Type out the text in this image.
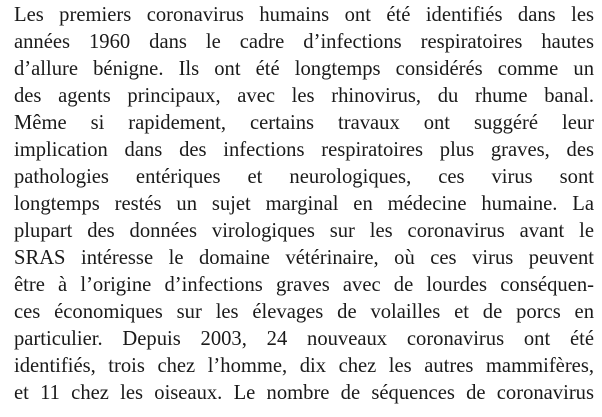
Les premiers coronavirus humains ont été identifiés dans les
années 1960 dans le cadre d’infections respiratoires hautes
d’allure bénigne. Ils ont été longtemps considérés comme un
des agents principaux, avec les rhinovirus, du rhume banal.
Même si rapidement, certains travaux ont suggéré leur
implication dans des infections respiratoires plus graves, des
pathologies entériques et neurologiques, ces virus sont
longtemps restés un sujet marginal en médecine humaine. La
plupart des données virologiques sur les coronavirus avant le
SRAS intéresse le domaine vétérinaire, où ces virus peuvent
être à l’origine d’infections graves avec de lourdes conséquen-
ces économiques sur les élevages de volailles et de porcs en
particulier. Depuis 2003, 24 nouveaux coronavirus ont été
identifiés, trois chez l’homme, dix chez les autres mammifères,
et 11 chez les oiseaux. Le nombre de séquences de coronavirus
